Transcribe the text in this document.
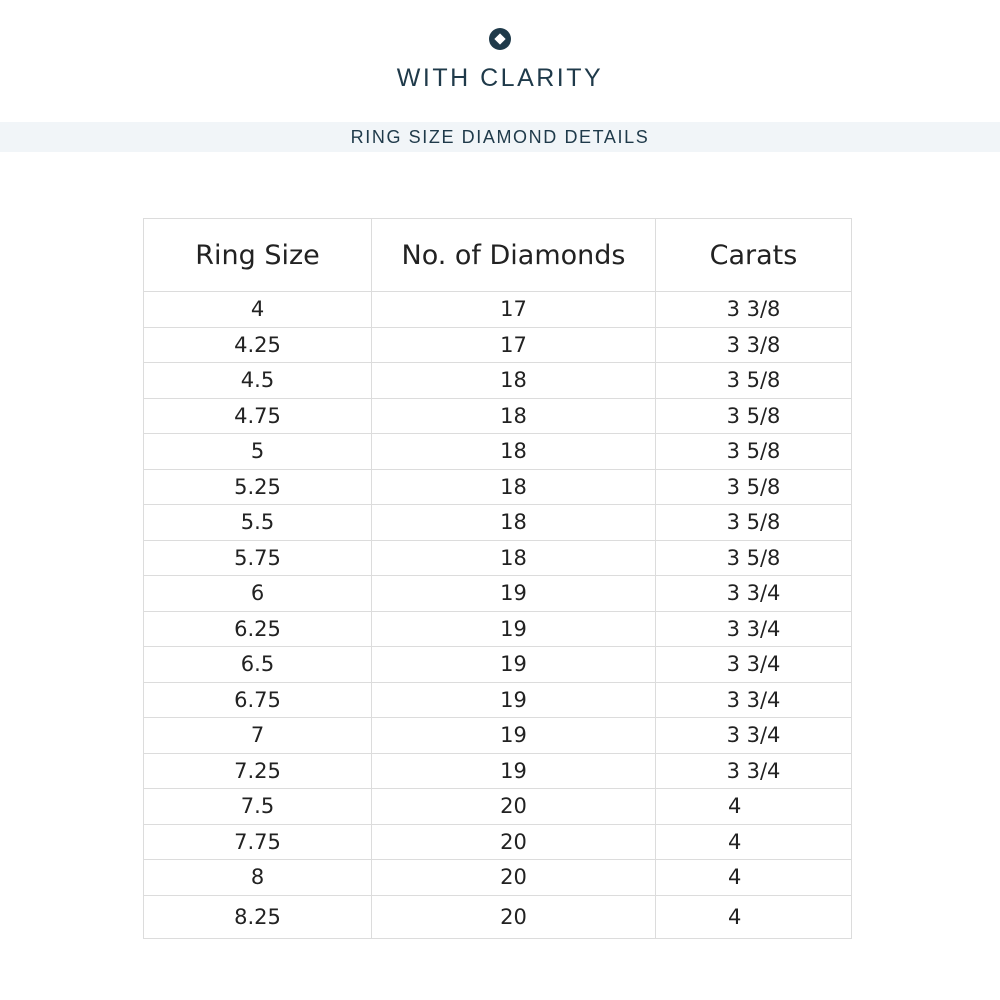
WITH CLARITY
RING SIZE DIAMOND DETAILS
Ring Size	No. of Diamonds	Carats
4	17	3 3/8
4.25	17	3 3/8
4.5	18	3 5/8
4.75	18	3 5/8
5	18	3 5/8
5.25	18	3 5/8
5.5	18	3 5/8
5.75	18	3 5/8
6	19	3 3/4
6.25	19	3 3/4
6.5	19	3 3/4
6.75	19	3 3/4
7	19	3 3/4
7.25	19	3 3/4
7.5	20	4
7.75	20	4
8	20	4
8.25	20	4
